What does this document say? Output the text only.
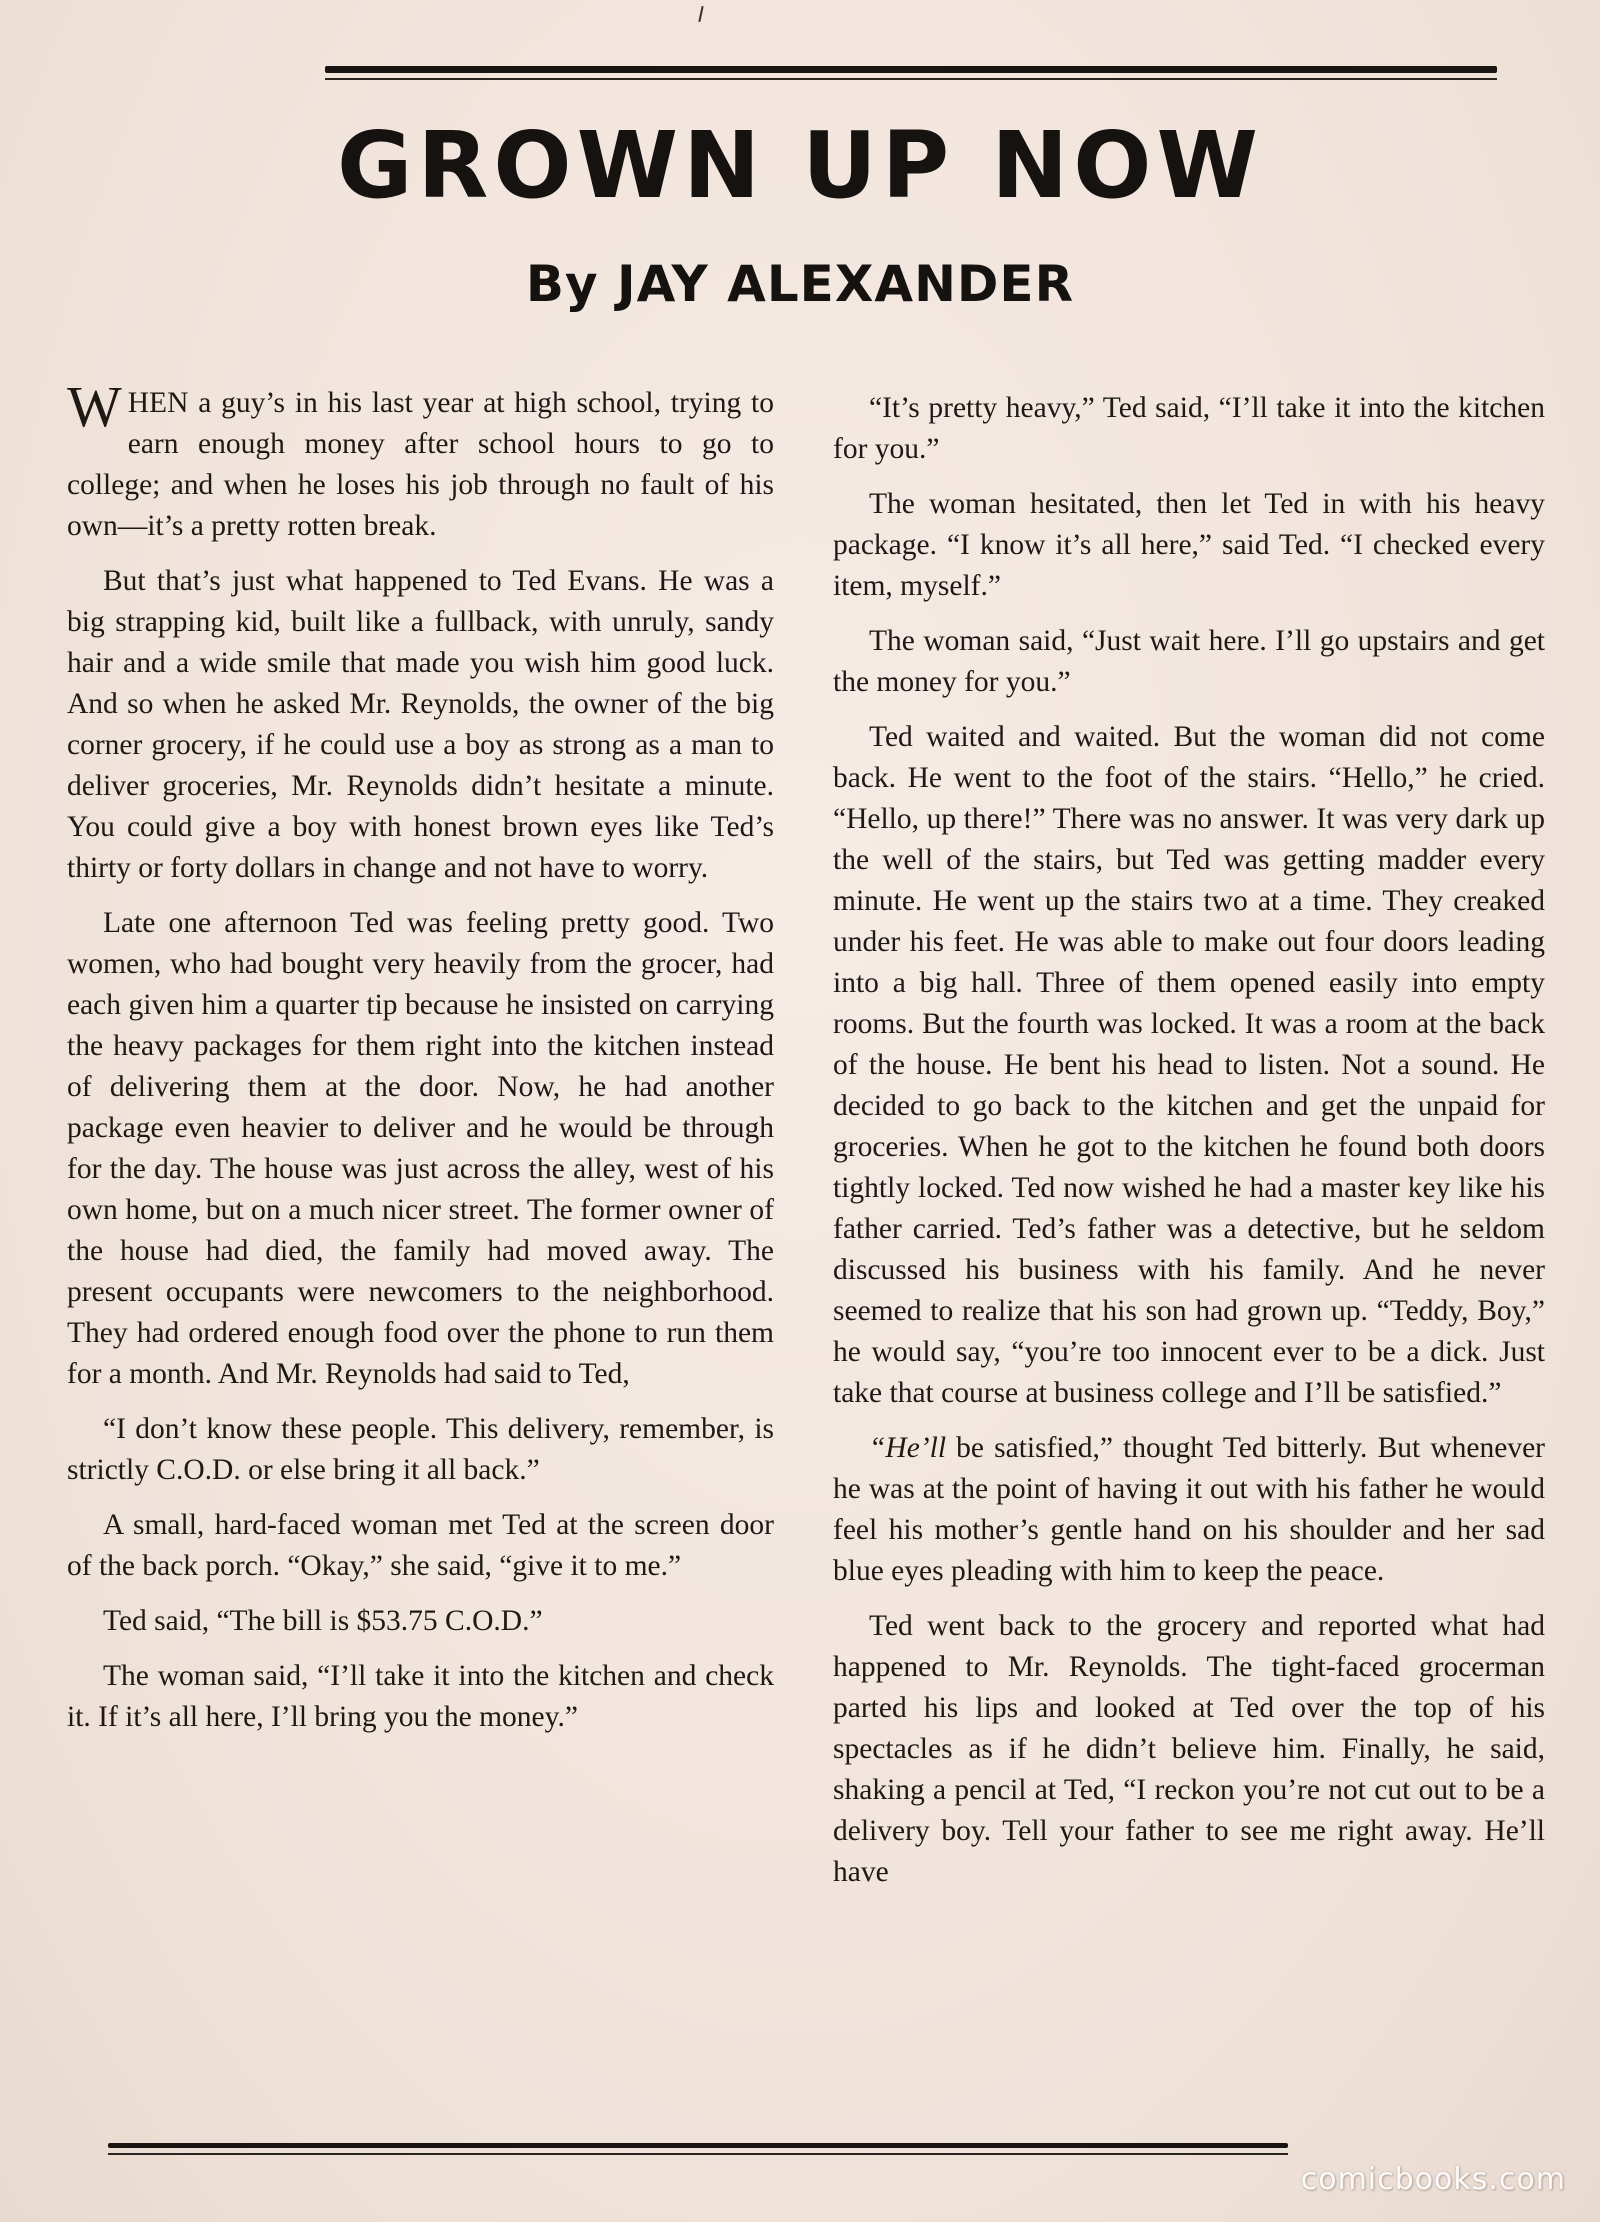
GROWN UP NOW
By JAY ALEXANDER

WHEN a guy’s in his last year at high school, trying to earn enough money after school hours to go to college; and when he loses his job through no fault of his own—it’s a pretty rotten break.

But that’s just what happened to Ted Evans. He was a big strapping kid, built like a fullback, with unruly, sandy hair and a wide smile that made you wish him good luck. And so when he asked Mr. Reynolds, the owner of the big corner grocery, if he could use a boy as strong as a man to deliver groceries, Mr. Reynolds didn’t hesitate a minute. You could give a boy with honest brown eyes like Ted’s thirty or forty dollars in change and not have to worry.

Late one afternoon Ted was feeling pretty good. Two women, who had bought very heavily from the grocer, had each given him a quarter tip because he insisted on carrying the heavy packages for them right into the kitchen instead of delivering them at the door. Now, he had another package even heavier to deliver and he would be through for the day. The house was just across the alley, west of his own home, but on a much nicer street. The former owner of the house had died, the family had moved away. The present occupants were newcomers to the neighborhood. They had ordered enough food over the phone to run them for a month. And Mr. Reynolds had said to Ted,

“I don’t know these people. This delivery, remember, is strictly C.O.D. or else bring it all back.”

A small, hard-faced woman met Ted at the screen door of the back porch. “Okay,” she said, “give it to me.”

Ted said, “The bill is $53.75 C.O.D.”

The woman said, “I’ll take it into the kitchen and check it. If it’s all here, I’ll bring you the money.”

“It’s pretty heavy,” Ted said, “I’ll take it into the kitchen for you.”

The woman hesitated, then let Ted in with his heavy package. “I know it’s all here,” said Ted. “I checked every item, myself.”

The woman said, “Just wait here. I’ll go upstairs and get the money for you.”

Ted waited and waited. But the woman did not come back. He went to the foot of the stairs. “Hello,” he cried. “Hello, up there!” There was no answer. It was very dark up the well of the stairs, but Ted was getting madder every minute. He went up the stairs two at a time. They creaked under his feet. He was able to make out four doors leading into a big hall. Three of them opened easily into empty rooms. But the fourth was locked. It was a room at the back of the house. He bent his head to listen. Not a sound. He decided to go back to the kitchen and get the unpaid for groceries. When he got to the kitchen he found both doors tightly locked. Ted now wished he had a master key like his father carried. Ted’s father was a detective, but he seldom discussed his business with his family. And he never seemed to realize that his son had grown up. “Teddy, Boy,” he would say, “you’re too innocent ever to be a dick. Just take that course at business college and I’ll be satisfied.”

“He’ll be satisfied,” thought Ted bitterly. But whenever he was at the point of having it out with his father he would feel his mother’s gentle hand on his shoulder and her sad blue eyes pleading with him to keep the peace.

Ted went back to the grocery and reported what had happened to Mr. Reynolds. The tight-faced grocerman parted his lips and looked at Ted over the top of his spectacles as if he didn’t believe him. Finally, he said, shaking a pencil at Ted, “I reckon you’re not cut out to be a delivery boy. Tell your father to see me right away. He’ll have

comicbooks.com
